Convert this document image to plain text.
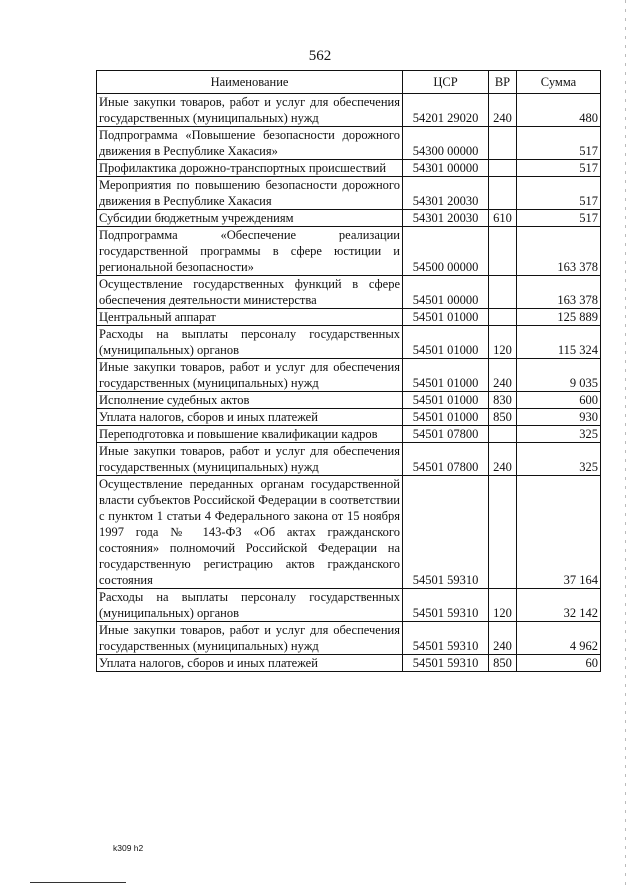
562
Наименование	ЦСР	ВР	Сумма
Иные закупки товаров, работ и услуг для обеспечения государственных (муниципальных) нужд	54201 29020	240	480
Подпрограмма «Повышение безопасности дорожного движения в Республике Хакасия»	54300 00000		517
Профилактика дорожно-транспортных происшествий	54301 00000		517
Мероприятия по повышению безопасности дорожного движения в Республике Хакасия	54301 20030		517
Субсидии бюджетным учреждениям	54301 20030	610	517
Подпрограмма «Обеспечение реализации государственной программы в сфере юстиции и региональной безопасности»	54500 00000		163 378
Осуществление государственных функций в сфере обеспечения деятельности министерства	54501 00000		163 378
Центральный аппарат	54501 01000		125 889
Расходы на выплаты персоналу государственных (муниципальных) органов	54501 01000	120	115 324
Иные закупки товаров, работ и услуг для обеспечения государственных (муниципальных) нужд	54501 01000	240	9 035
Исполнение судебных актов	54501 01000	830	600
Уплата налогов, сборов и иных платежей	54501 01000	850	930
Переподготовка и повышение квалификации кадров	54501 07800		325
Иные закупки товаров, работ и услуг для обеспечения государственных (муниципальных) нужд	54501 07800	240	325
Осуществление переданных органам государственной власти субъектов Российской Федерации в соответствии с пунктом 1 статьи 4 Федерального закона от 15 ноября 1997 года № 143-ФЗ «Об актах гражданского состояния» полномочий Российской Федерации на государственную регистрацию актов гражданского состояния	54501 59310		37 164
Расходы на выплаты персоналу государственных (муниципальных) органов	54501 59310	120	32 142
Иные закупки товаров, работ и услуг для обеспечения государственных (муниципальных) нужд	54501 59310	240	4 962
Уплата налогов, сборов и иных платежей	54501 59310	850	60
k309 h2
